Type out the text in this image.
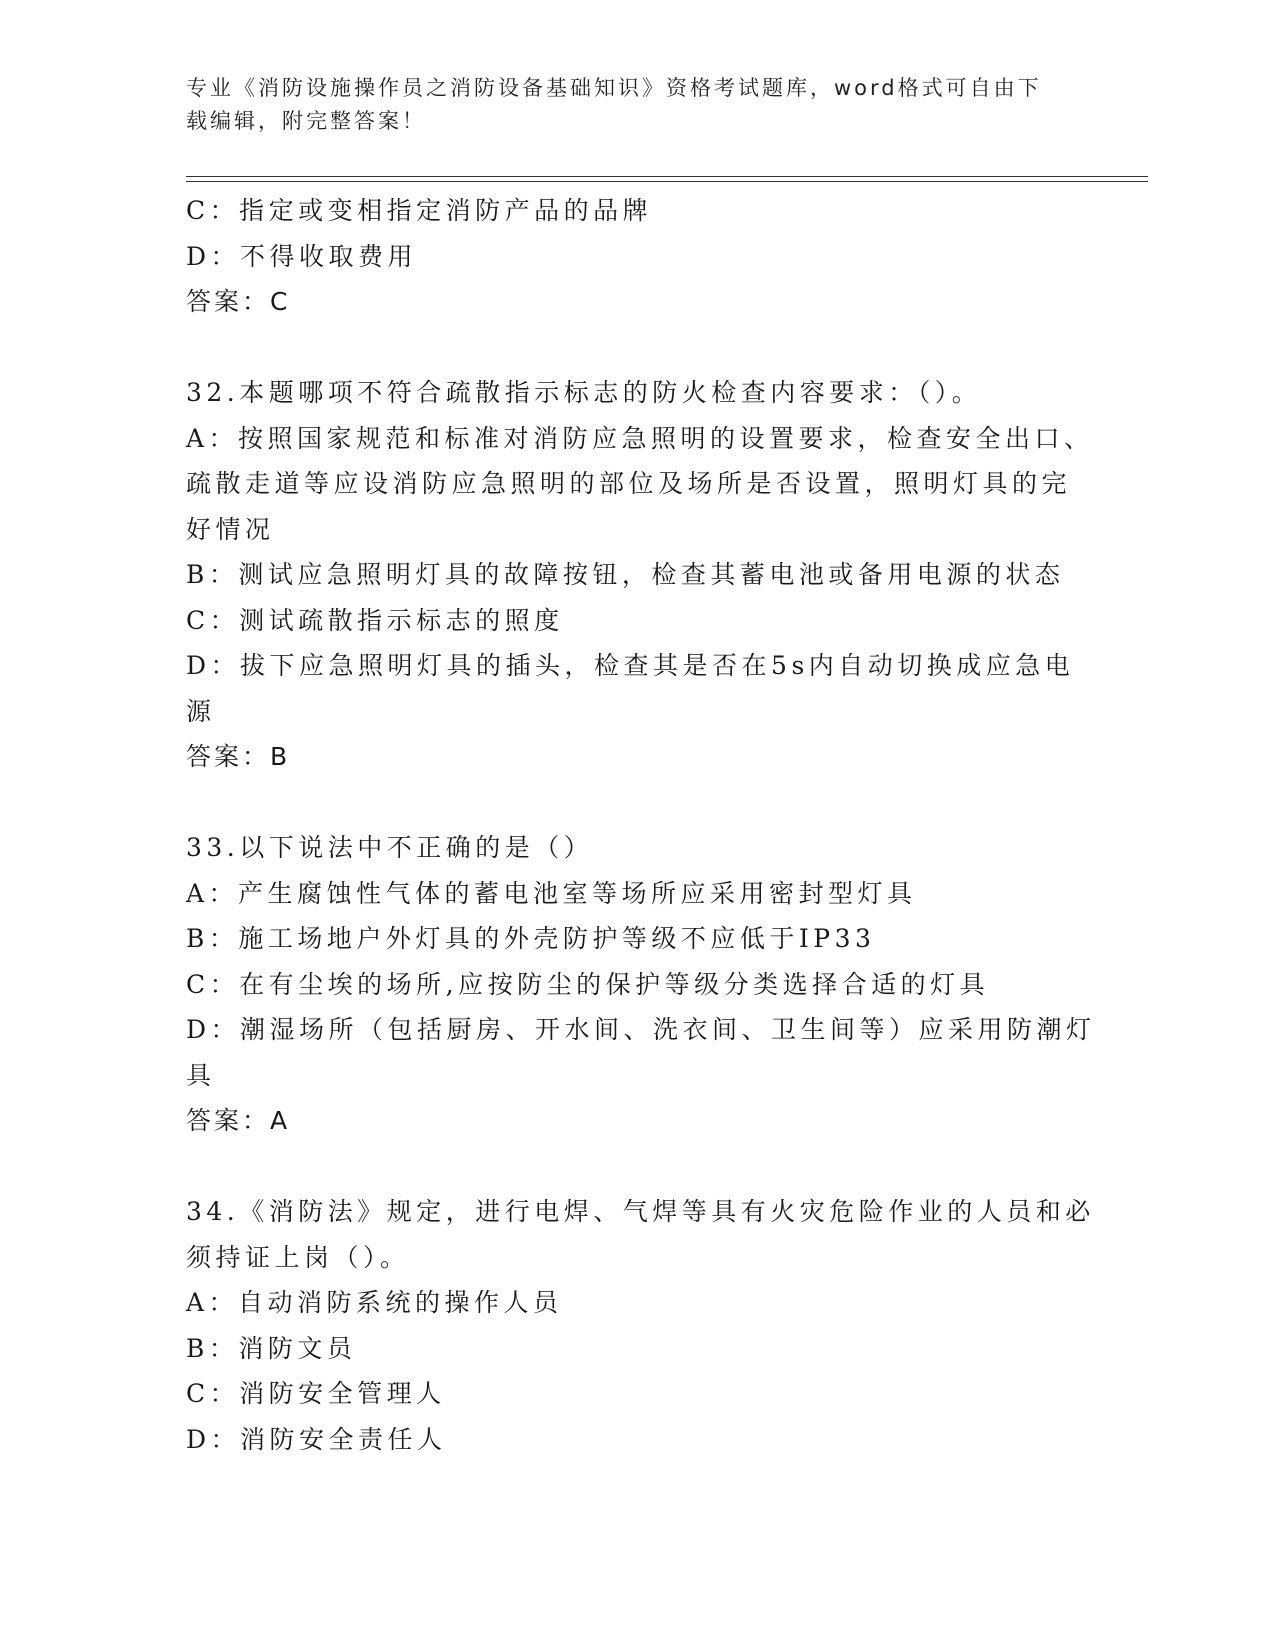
专业《消防设施操作员之消防设备基础知识》资格考试题库，word格式可自由下
载编辑，附完整答案！
C：指定或变相指定消防产品的品牌
D：不得收取费用
答案：C
32.本题哪项不符合疏散指示标志的防火检查内容要求：（）。
A：按照国家规范和标准对消防应急照明的设置要求，检查安全出口、
疏散走道等应设消防应急照明的部位及场所是否设置，照明灯具的完
好情况
B：测试应急照明灯具的故障按钮，检查其蓄电池或备用电源的状态
C：测试疏散指示标志的照度
D：拔下应急照明灯具的插头，检查其是否在5s内自动切换成应急电
源
答案：B
33.以下说法中不正确的是（）
A：产生腐蚀性气体的蓄电池室等场所应采用密封型灯具
B：施工场地户外灯具的外壳防护等级不应低于IP33
C：在有尘埃的场所,应按防尘的保护等级分类选择合适的灯具
D：潮湿场所（包括厨房、开水间、洗衣间、卫生间等）应采用防潮灯
具
答案：A
34.《消防法》规定，进行电焊、气焊等具有火灾危险作业的人员和必
须持证上岗（）。
A：自动消防系统的操作人员
B：消防文员
C：消防安全管理人
D：消防安全责任人
